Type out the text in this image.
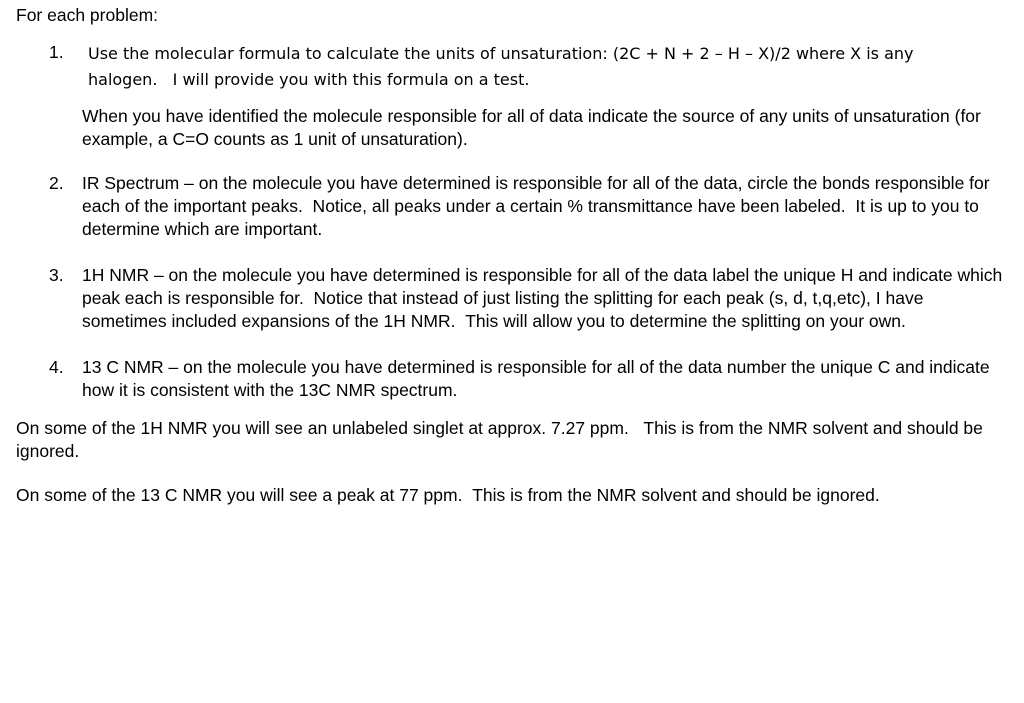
For each problem:

1.	Use the molecular formula to calculate the units of unsaturation: (2C + N + 2 – H – X)/2 where X is any halogen.   I will provide you with this formula on a test.

When you have identified the molecule responsible for all of data indicate the source of any units of unsaturation (for example, a C=O counts as 1 unit of unsaturation).

2. IR Spectrum – on the molecule you have determined is responsible for all of the data, circle the bonds responsible for each of the important peaks.  Notice, all peaks under a certain % transmittance have been labeled.  It is up to you to determine which are important.

3. 1H NMR – on the molecule you have determined is responsible for all of the data label the unique H and indicate which peak each is responsible for.  Notice that instead of just listing the splitting for each peak (s, d, t,q,etc), I have sometimes included expansions of the 1H NMR.  This will allow you to determine the splitting on your own.

4. 13 C NMR – on the molecule you have determined is responsible for all of the data number the unique C and indicate how it is consistent with the 13C NMR spectrum.

On some of the 1H NMR you will see an unlabeled singlet at approx. 7.27 ppm.   This is from the NMR solvent and should be ignored.

On some of the 13 C NMR you will see a peak at 77 ppm.  This is from the NMR solvent and should be ignored.
